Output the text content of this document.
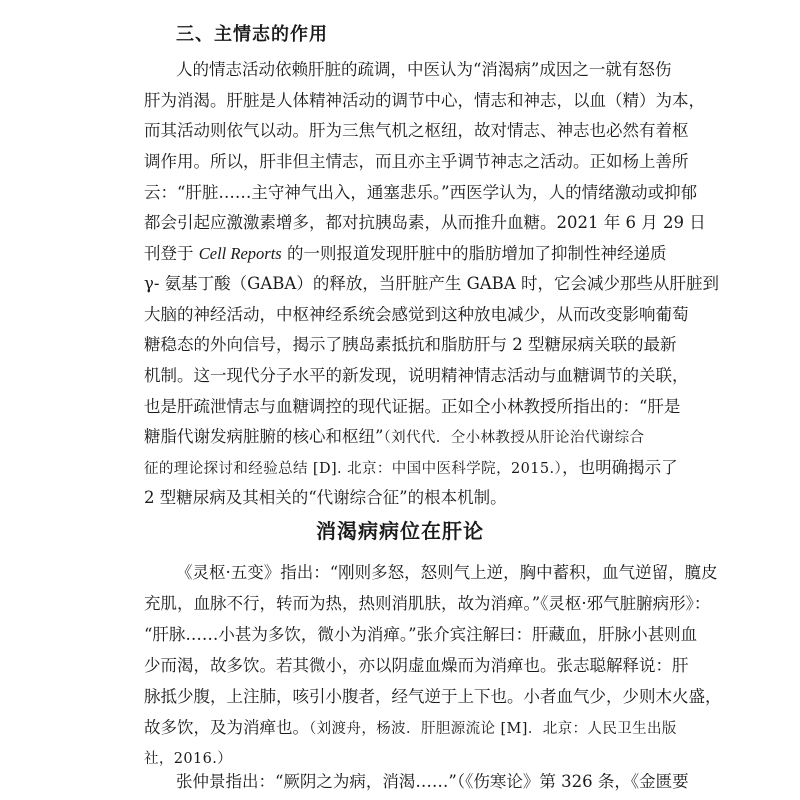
三、主情志的作用
人的情志活动依赖肝脏的疏调，中医认为“消渴病”成因之一就有怒伤
肝为消渴。肝脏是人体精神活动的调节中心，情志和神志，以血（精）为本，
而其活动则依气以动。肝为三焦气机之枢纽，故对情志、神志也必然有着枢
调作用。所以，肝非但主情志，而且亦主乎调节神志之活动。正如杨上善所
云：“肝脏……主守神气出入，通塞悲乐。”西医学认为，人的情绪激动或抑郁
都会引起应激激素增多，都对抗胰岛素，从而推升血糖。2021 年 6 月 29 日
刊登于 Cell Reports 的一则报道发现肝脏中的脂肪增加了抑制性神经递质
γ- 氨基丁酸（GABA）的释放，当肝脏产生 GABA 时，它会减少那些从肝脏到
大脑的神经活动，中枢神经系统会感觉到这种放电减少，从而改变影响葡萄
糖稳态的外向信号，揭示了胰岛素抵抗和脂肪肝与 2 型糖尿病关联的最新
机制。这一现代分子水平的新发现，说明精神情志活动与血糖调节的关联，
也是肝疏泄情志与血糖调控的现代证据。正如仝小林教授所指出的：“肝是
糖脂代谢发病脏腑的核心和枢纽”（刘代代．仝小林教授从肝论治代谢综合
征的理论探讨和经验总结 [D]. 北京：中国中医科学院，2015.），也明确揭示了
2 型糖尿病及其相关的“代谢综合征”的根本机制。
消渴病病位在肝论
《灵枢·五变》指出：“刚则多怒，怒则气上逆，胸中蓄积，血气逆留，臗皮
充肌，血脉不行，转而为热，热则消肌肤，故为消瘅。”《灵枢·邪气脏腑病形》：
“肝脉……小甚为多饮，微小为消瘅。”张介宾注解曰：肝藏血，肝脉小甚则血
少而渴，故多饮。若其微小，亦以阴虚血燥而为消瘅也。张志聪解释说：肝
脉抵少腹，上注肺，咳引小腹者，经气逆于上下也。小者血气少，少则木火盛，
故多饮，及为消瘅也。（刘渡舟，杨波．肝胆源流论 [M]．北京：人民卫生出版
社，2016.）
张仲景指出：“厥阴之为病，消渴……”（《伤寒论》第 326 条，《金匮要
